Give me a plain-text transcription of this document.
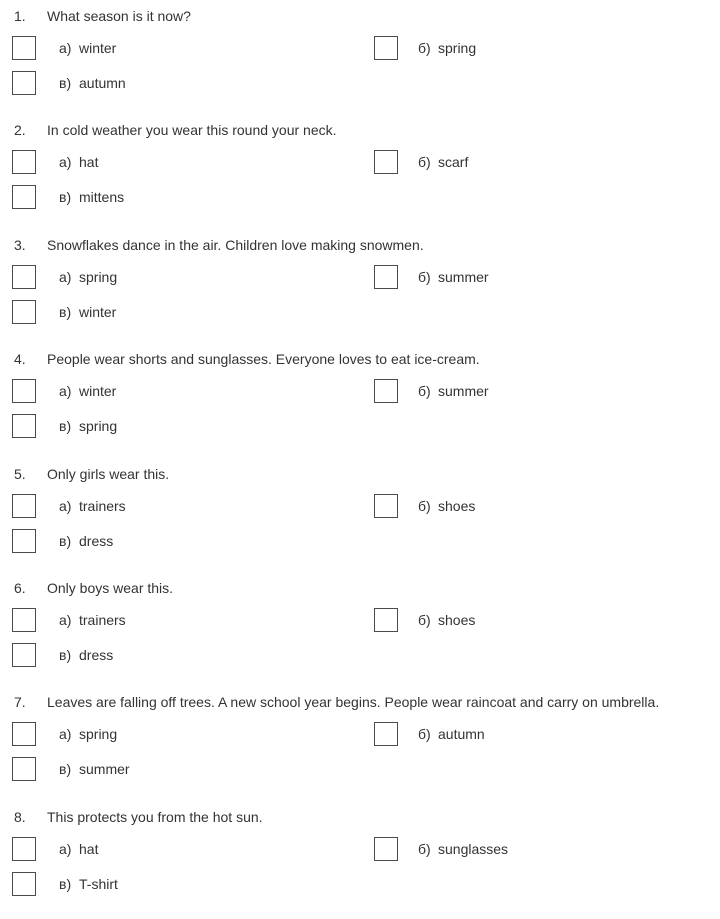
1.	What season is it now?
а) winter	б) spring
в) autumn
2.	In cold weather you wear this round your neck.
а) hat	б) scarf
в) mittens
3.	Snowflakes dance in the air. Children love making snowmen.
а) spring	б) summer
в) winter
4.	People wear shorts and sunglasses. Everyone loves to eat ice-cream.
а) winter	б) summer
в) spring
5.	Only girls wear this.
а) trainers	б) shoes
в) dress
6.	Only boys wear this.
а) trainers	б) shoes
в) dress
7.	Leaves are falling off trees. A new school year begins. People wear raincoat and carry on umbrella.
а) spring	б) autumn
в) summer
8.	This protects you from the hot sun.
а) hat	б) sunglasses
в) T-shirt
